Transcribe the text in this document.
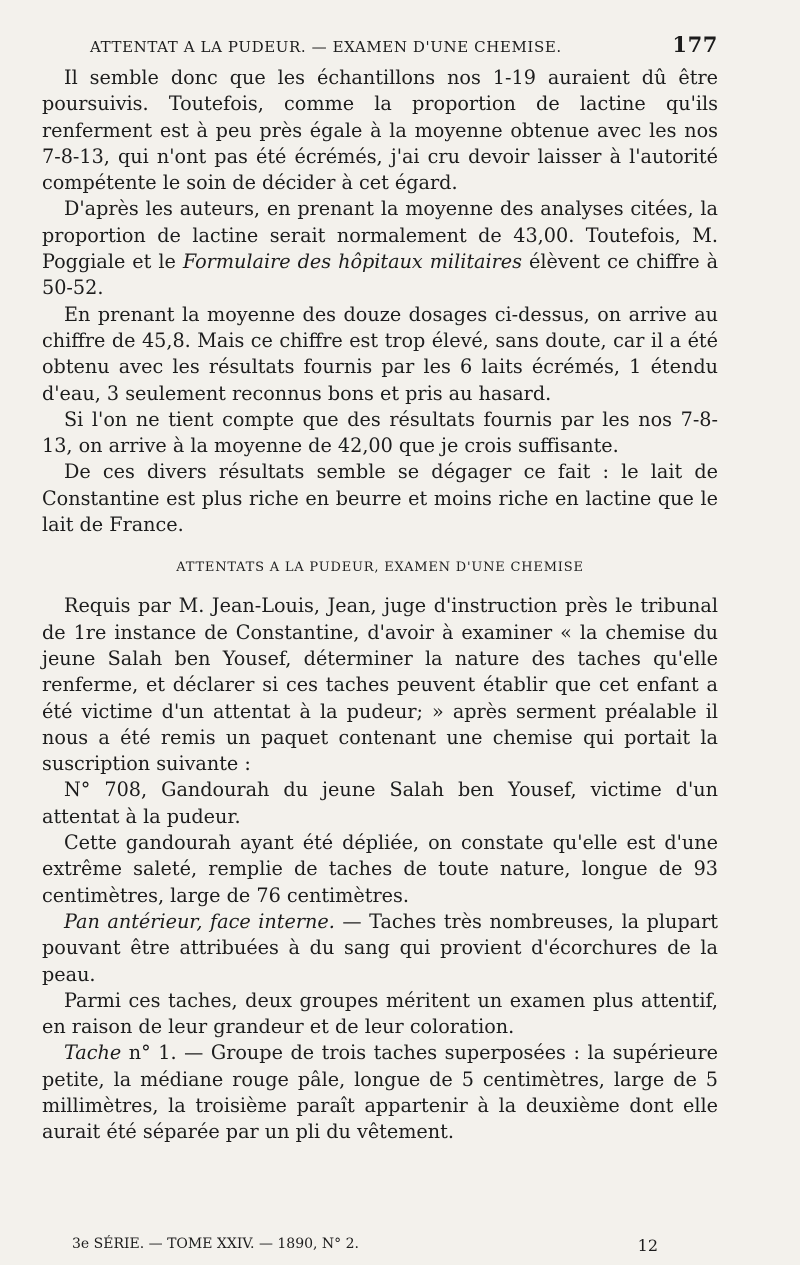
ATTENTAT A LA PUDEUR. — EXAMEN D'UNE CHEMISE.	177

Il semble donc que les échantillons nos 1-19 auraient dû être poursuivis. Toutefois, comme la proportion de lactine qu'ils renferment est à peu près égale à la moyenne obtenue avec les nos 7-8-13, qui n'ont pas été écrémés, j'ai cru devoir laisser à l'autorité compétente le soin de décider à cet égard.

D'après les auteurs, en prenant la moyenne des analyses citées, la proportion de lactine serait normalement de 43,00. Toutefois, M. Poggiale et le Formulaire des hôpitaux militaires élèvent ce chiffre à 50-52.

En prenant la moyenne des douze dosages ci-dessus, on arrive au chiffre de 45,8. Mais ce chiffre est trop élevé, sans doute, car il a été obtenu avec les résultats fournis par les 6 laits écrémés, 1 étendu d'eau, 3 seulement reconnus bons et pris au hasard.

Si l'on ne tient compte que des résultats fournis par les nos 7-8-13, on arrive à la moyenne de 42,00 que je crois suffisante.

De ces divers résultats semble se dégager ce fait : le lait de Constantine est plus riche en beurre et moins riche en lactine que le lait de France.

ATTENTATS A LA PUDEUR, EXAMEN D'UNE CHEMISE

Requis par M. Jean-Louis, Jean, juge d'instruction près le tribunal de 1re instance de Constantine, d'avoir à examiner « la chemise du jeune Salah ben Yousef, déterminer la nature des taches qu'elle renferme, et déclarer si ces taches peuvent établir que cet enfant a été victime d'un attentat à la pudeur; » après serment préalable il nous a été remis un paquet contenant une chemise qui portait la suscription suivante :

N° 708, Gandourah du jeune Salah ben Yousef, victime d'un attentat à la pudeur.

Cette gandourah ayant été dépliée, on constate qu'elle est d'une extrême saleté, remplie de taches de toute nature, longue de 93 centimètres, large de 76 centimètres.

Pan antérieur, face interne. — Taches très nombreuses, la plupart pouvant être attribuées à du sang qui provient d'écorchures de la peau.

Parmi ces taches, deux groupes méritent un examen plus attentif, en raison de leur grandeur et de leur coloration.

Tache n° 1. — Groupe de trois taches superposées : la supérieure petite, la médiane rouge pâle, longue de 5 centimètres, large de 5 millimètres, la troisième paraît appartenir à la deuxième dont elle aurait été séparée par un pli du vêtement.

3e SÉRIE. — TOME XXIV. — 1890, N° 2.	12
